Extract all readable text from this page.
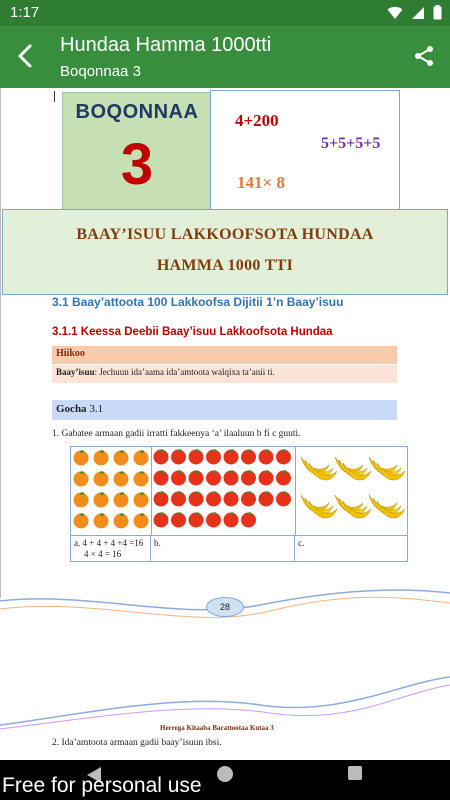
1:17
Hundaa Hamma 1000tti
Boqonnaa 3
BOQONNAA
3
4+200
5+5+5+5
141× 8
BAAY’ISUU LAKKOOFSOTA HUNDAA
HAMMA 1000 TTI
3.1 Baay’attoota 100 Lakkoofsa Dijitii 1’n Baay’isuu
3.1.1 Keessa Deebii Baay’isuu Lakkoofsota Hundaa
Hiikoo
Baay’isuu: Jechuun ida’aama ida’amtoota walqixa ta’anii ti.
Gocha 3.1
1. Gabatee armaan gadii irratti fakkeenya ‘a’ ilaaluun b fi c guuti.
a. 4 + 4 + 4 +4 =16
4 × 4 = 16
b.	c.
28
Herrega Kitaaba Barattootaa Kutaa 3
2. Ida’amtoota armaan gadii baay’isuun ibsi.
Free for personal use
